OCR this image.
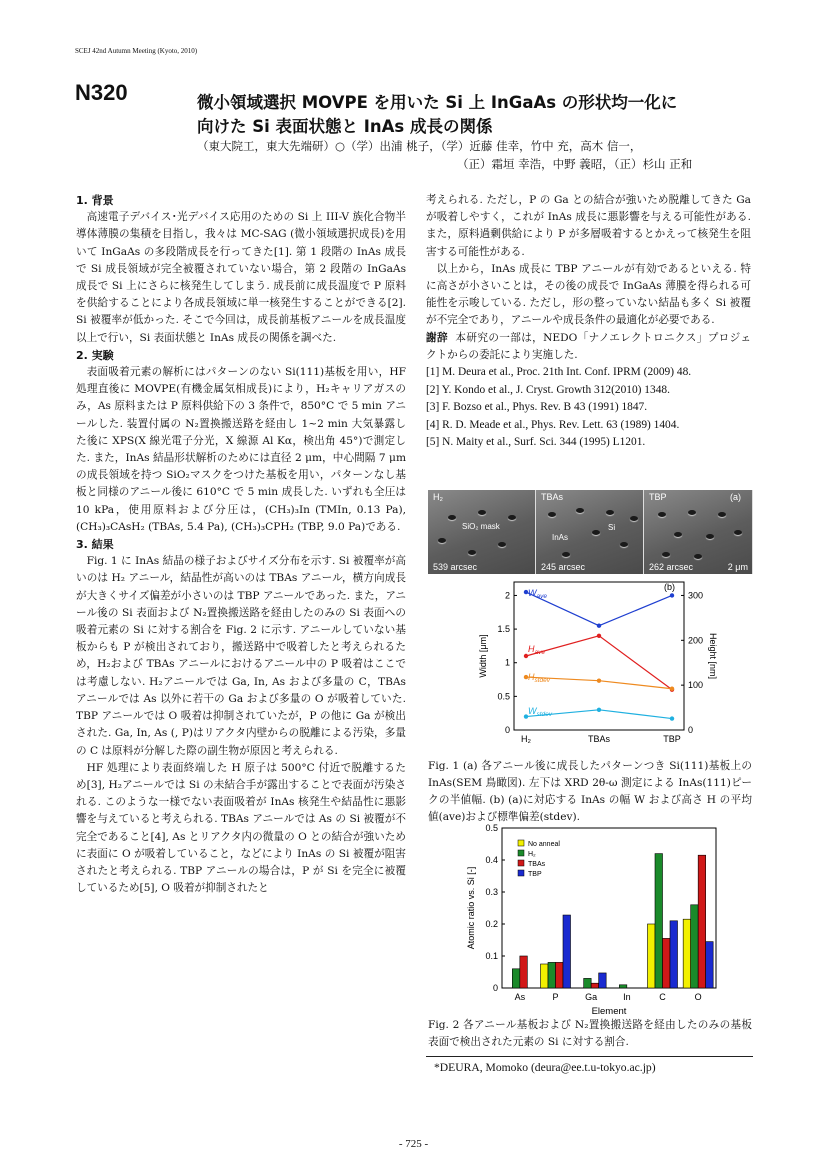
SCEJ 42nd Autumn Meeting (Kyoto, 2010)
N320	微小領域選択 MOVPE を用いた Si 上 InGaAs の形状均一化に
向けた Si 表面状態と InAs 成長の関係
（東大院工，東大先端研）○（学）出浦 桃子，（学）近藤 佳幸，竹中 充，高木 信一，
（正）霜垣 幸浩，中野 義昭，（正）杉山 正和
1. 背景

高速電子デバイス･光デバイス応用のための Si 上 III-V 族化合物半導体薄膜の集積を目指し，我々は MC-SAG (微小領域選択成長)を用いて InGaAs の多段階成長を行ってきた[1]. 第 1 段階の InAs 成長で Si 成長領域が完全被覆されていない場合，第 2 段階の InGaAs 成長で Si 上にさらに核発生してしまう. 成長前に成長温度で P 原料を供給することにより各成長領域に単一核発生することができる[2]. Si 被覆率が低かった. そこで今回は，成長前基板アニールを成長温度以上で行い，Si 表面状態と InAs 成長の関係を調べた.

2. 実験

表面吸着元素の解析にはパターンのない Si(111)基板を用い，HF 処理直後に MOVPE(有機金属気相成長)により，H₂キャリアガスのみ，As 原料または P 原料供給下の 3 条件で，850°C で 5 min アニールした. 装置付属の N₂置換搬送路を経由し 1~2 min 大気暴露した後に XPS(X 線光電子分光，X 線源 Al Kα，検出角 45°)で測定した. また，InAs 結晶形状解析のためには直径 2 μm，中心間隔 7 μm の成長領域を持つ SiO₂マスクをつけた基板を用い，パターンなし基板と同様のアニール後に 610°C で 5 min 成長した. いずれも全圧は 10 kPa，使用原料および分圧は，(CH₃)₃In (TMIn, 0.13 Pa), (CH₃)₃CAsH₂ (TBAs, 5.4 Pa), (CH₃)₃CPH₂ (TBP, 9.0 Pa)である.

3. 結果

Fig. 1 に InAs 結晶の様子およびサイズ分布を示す. Si 被覆率が高いのは H₂ アニール，結晶性が高いのは TBAs アニール，横方向成長が大きくサイズ偏差が小さいのは TBP アニールであった. また，アニール後の Si 表面および N₂置換搬送路を経由したのみの Si 表面への吸着元素の Si に対する割合を Fig. 2 に示す. アニールしていない基板からも P が検出されており，搬送路中で吸着したと考えられるため，H₂および TBAs アニールにおけるアニール中の P 吸着はここでは考慮しない. H₂アニールでは Ga, In, As および多量の C，TBAs アニールでは As 以外に若干の Ga および多量の O が吸着していた. TBP アニールでは O 吸着は抑制されていたが，P の他に Ga が検出された. Ga, In, As (, P)はリアクタ内壁からの脱離による汚染，多量の C は原料が分解した際の副生物が原因と考えられる.

HF 処理により表面終端した H 原子は 500°C 付近で脱離するため[3], H₂アニールでは Si の未結合手が露出することで表面が汚染される. このような一様でない表面吸着が InAs 核発生や結晶性に悪影響を与えていると考えられる. TBAs アニールでは As の Si 被覆が不完全であること[4], As とリアクタ内の微量の O との結合が強いために表面に O が吸着していること，などにより InAs の Si 被覆が阻害されたと考えられる. TBP アニールの場合は，P が Si を完全に被覆しているため[5], O 吸着が抑制されたと

考えられる. ただし，P の Ga との結合が強いため脱離してきた Ga が吸着しやすく，これが InAs 成長に悪影響を与える可能性がある. また，原料過剰供給により P が多層吸着するとかえって核発生を阻害する可能性がある.

以上から，InAs 成長に TBP アニールが有効であるといえる. 特に高さが小さいことは，その後の成長で InGaAs 薄膜を得られる可能性を示唆している. ただし，形の整っていない結晶も多く Si 被覆が不完全であり，アニールや成長条件の最適化が必要である.

謝辞 本研究の一部は，NEDO「ナノエレクトロニクス」プロジェクトからの委託により実施した.

[1] M. Deura et al., Proc. 21th Int. Conf. IPRM (2009) 48.
[2] Y. Kondo et al., J. Cryst. Growth 312(2010) 1348.
[3] F. Bozso et al., Phys. Rev. B 43 (1991) 1847.
[4] R. D. Meade et al., Phys. Rev. Lett. 63 (1989) 1404.
[5] N. Maity et al., Surf. Sci. 344 (1995) L1201.
H₂
SiO₂ mask
539 arcsec
TBAs
Si
InAs
245 arcsec
TBP	(a)
262 arcsec	2 μm
0
0.5
1
1.5
2
0
100
200
300
H₂	TBAs	TBP
$W_{ave}$
$H_{ave}$
$H_{stdev}$
$W_{stdev}$
Width [μm]	Height [nm]
(b)
Fig. 1 (a) 各アニール後に成長したパターンつき Si(111)基板上の InAs(SEM 鳥瞰図). 左下は XRD 2θ-ω 測定による InAs(111)ピークの半値幅. (b) (a)に対応する InAs の幅 W および高さ H の平均値(ave)および標準偏差(stdev).
0
0.1
0.2
0.3
0.4
0.5
As	P	Ga	In	C	O
No anneal
H₂
TBAs
TBP
Atomic ratio vs. Si [-]
Element
Fig. 2 各アニール基板および N₂置換搬送路を経由したのみの基板表面で検出された元素の Si に対する割合.
*DEURA, Momoko (deura@ee.t.u-tokyo.ac.jp)
- 725 -
